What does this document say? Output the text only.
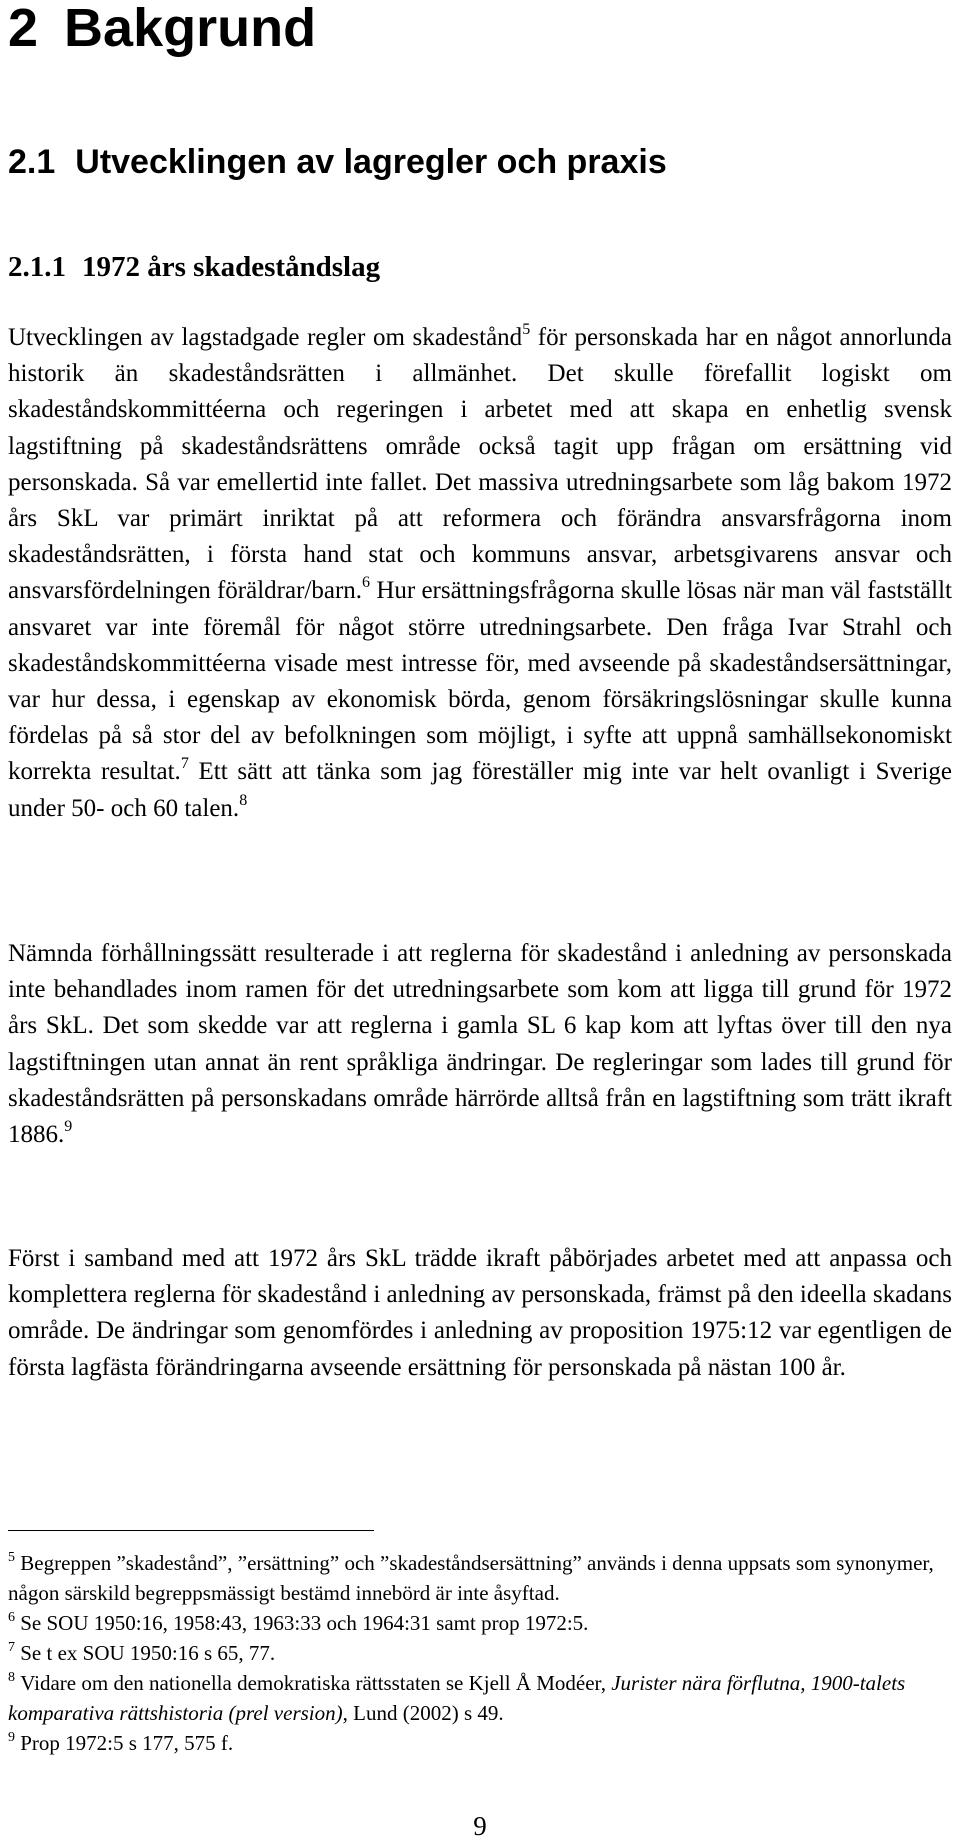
2 Bakgrund
2.1 Utvecklingen av lagregler och praxis
2.1.1 1972 års skadeståndslag

Utvecklingen av lagstadgade regler om skadestånd$^5$ för personskada har en något annorlunda historik än skadeståndsrätten i allmänhet. Det skulle förefallit logiskt om skadeståndskommittéerna och regeringen i arbetet med att skapa en enhetlig svensk lagstiftning på skadeståndsrättens område också tagit upp frågan om ersättning vid personskada. Så var emellertid inte fallet. Det massiva utredningsarbete som låg bakom 1972 års SkL var primärt inriktat på att reformera och förändra ansvarsfrågorna inom skadeståndsrätten, i första hand stat och kommuns ansvar, arbetsgivarens ansvar och ansvarsfördelningen föräldrar/barn.$^6$ Hur ersättningsfrågorna skulle lösas när man väl fastställt ansvaret var inte föremål för något större utredningsarbete. Den fråga Ivar Strahl och skadeståndskommittéerna visade mest intresse för, med avseende på skadeståndsersättningar, var hur dessa, i egenskap av ekonomisk börda, genom försäkringslösningar skulle kunna fördelas på så stor del av befolkningen som möjligt, i syfte att uppnå samhällsekonomiskt korrekta resultat.$^7$ Ett sätt att tänka som jag föreställer mig inte var helt ovanligt i Sverige under 50- och 60 talen.$^8$

Nämnda förhållningssätt resulterade i att reglerna för skadestånd i anledning av personskada inte behandlades inom ramen för det utredningsarbete som kom att ligga till grund för 1972 års SkL. Det som skedde var att reglerna i gamla SL 6 kap kom att lyftas över till den nya lagstiftningen utan annat än rent språkliga ändringar. De regleringar som lades till grund för skadeståndsrätten på personskadans område härrörde alltså från en lagstiftning som trätt ikraft 1886.$^9$

Först i samband med att 1972 års SkL trädde ikraft påbörjades arbetet med att anpassa och komplettera reglerna för skadestånd i anledning av personskada, främst på den ideella skadans område. De ändringar som genomfördes i anledning av proposition 1975:12 var egentligen de första lagfästa förändringarna avseende ersättning för personskada på nästan 100 år.

$^5$ Begreppen ”skadestånd”, ”ersättning” och ”skadeståndsersättning” används i denna uppsats som synonymer, någon särskild begreppsmässigt bestämd innebörd är inte åsyftad.

$^6$ Se SOU 1950:16, 1958:43, 1963:33 och 1964:31 samt prop 1972:5.

$^7$ Se t ex SOU 1950:16 s 65, 77.

$^8$ Vidare om den nationella demokratiska rättsstaten se Kjell Å Modéer, Jurister nära förflutna, 1900-talets komparativa rättshistoria (prel version), Lund (2002) s 49.

$^9$ Prop 1972:5 s 177, 575 f.

9
